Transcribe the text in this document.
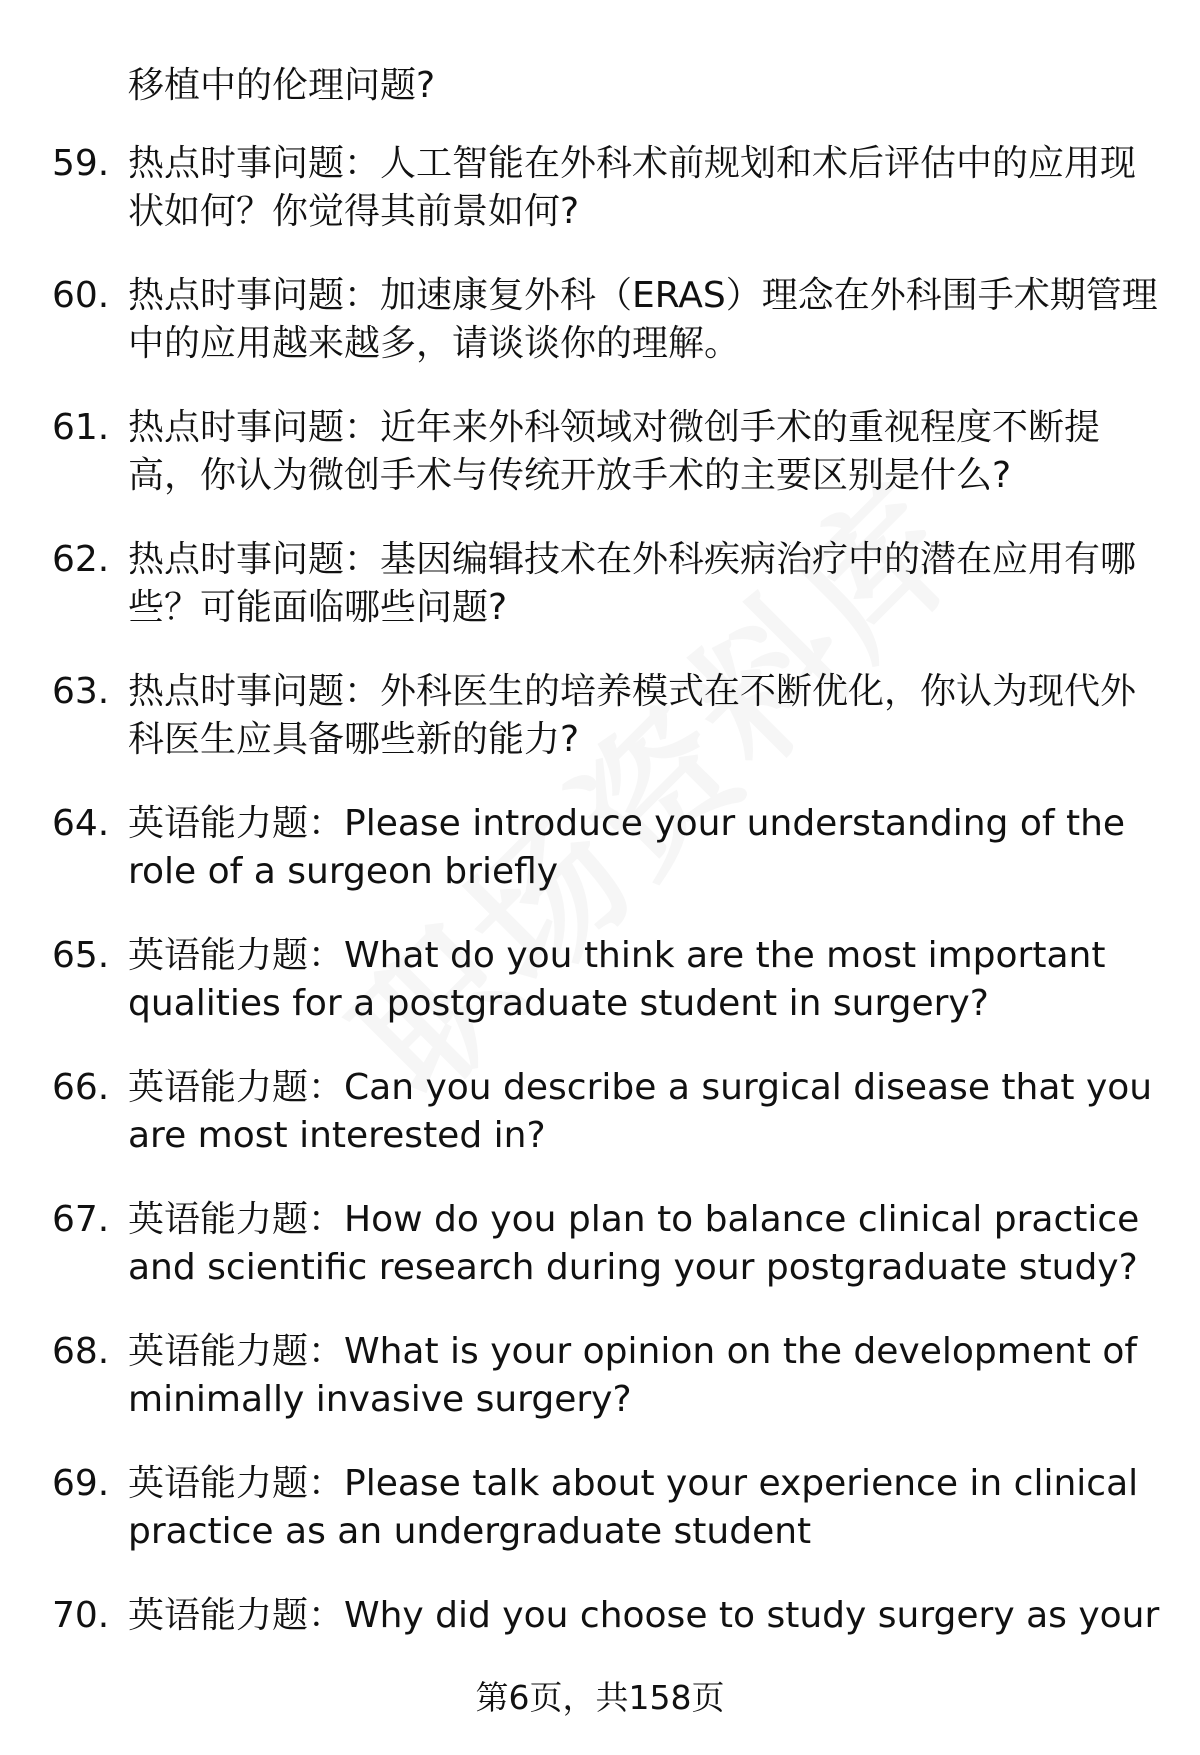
移植中的伦理问题?
59. 热点时事问题：人工智能在外科术前规划和术后评估中的应用现
状如何？你觉得其前景如何?
60. 热点时事问题：加速康复外科（ERAS）理念在外科围手术期管理
中的应用越来越多，请谈谈你的理解。
61. 热点时事问题：近年来外科领域对微创手术的重视程度不断提
高，你认为微创手术与传统开放手术的主要区别是什么?
62. 热点时事问题：基因编辑技术在外科疾病治疗中的潜在应用有哪
些？可能面临哪些问题?
63. 热点时事问题：外科医生的培养模式在不断优化，你认为现代外
科医生应具备哪些新的能力?
64. 英语能力题：Please introduce your understanding of the
role of a surgeon briefly
65. 英语能力题：What do you think are the most important
qualities for a postgraduate student in surgery?
66. 英语能力题：Can you describe a surgical disease that you
are most interested in?
67. 英语能力题：How do you plan to balance clinical practice
and scientific research during your postgraduate study?
68. 英语能力题：What is your opinion on the development of
minimally invasive surgery?
69. 英语能力题：Please talk about your experience in clinical
practice as an undergraduate student
70. 英语能力题：Why did you choose to study surgery as your
第6页，共158页
